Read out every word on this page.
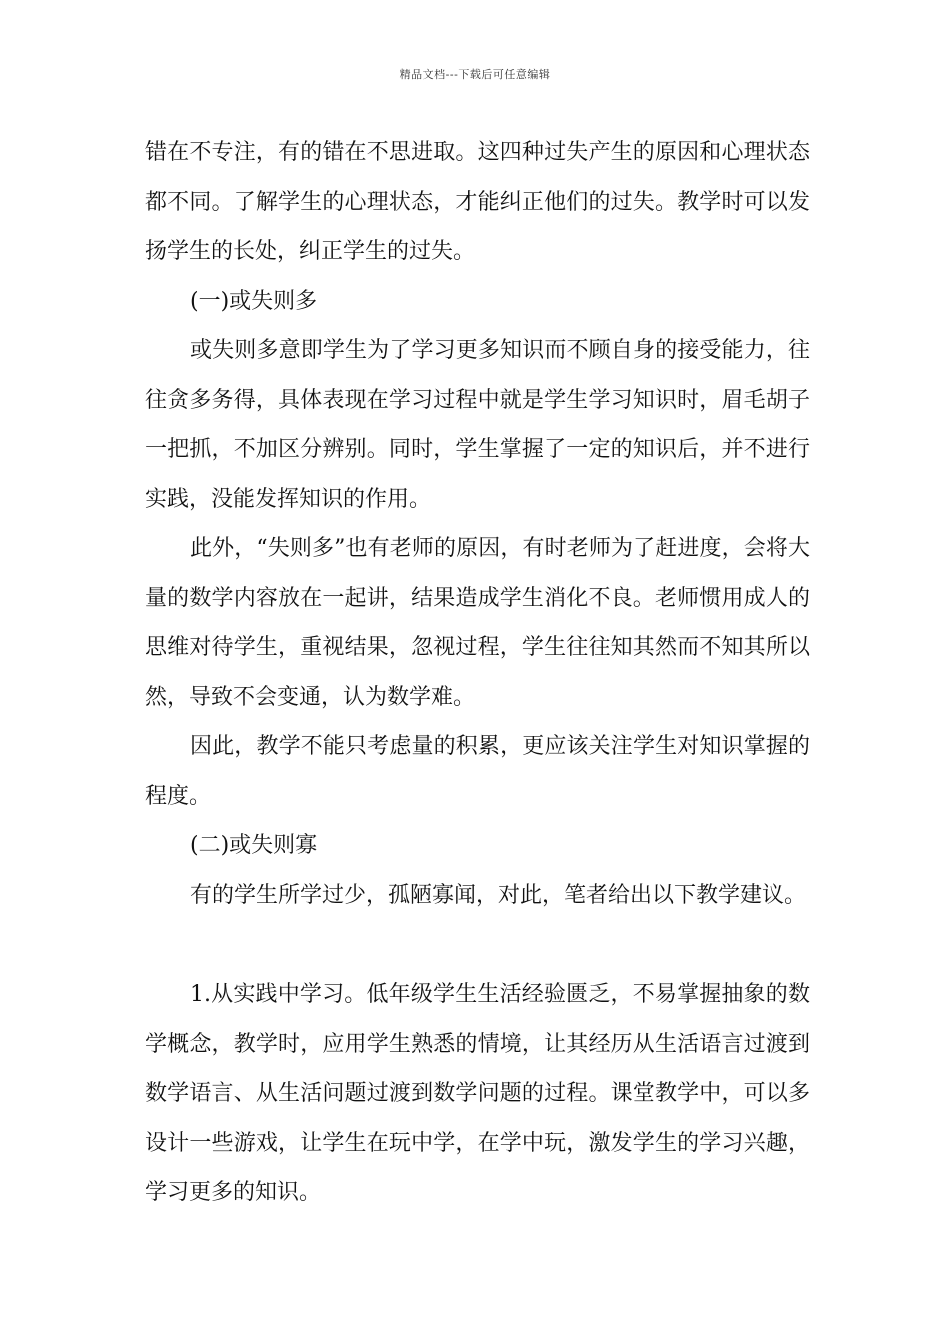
精品文档---下载后可任意编辑

错在不专注，有的错在不思进取。这四种过失产生的原因和心理状态都不同。了解学生的心理状态，才能纠正他们的过失。教学时可以发扬学生的长处，纠正学生的过失。

(一)或失则多

或失则多意即学生为了学习更多知识而不顾自身的接受能力，往往贪多务得，具体表现在学习过程中就是学生学习知识时，眉毛胡子一把抓，不加区分辨别。同时，学生掌握了一定的知识后，并不进行实践，没能发挥知识的作用。

此外，“失则多”也有老师的原因，有时老师为了赶进度，会将大量的数学内容放在一起讲，结果造成学生消化不良。老师惯用成人的思维对待学生，重视结果，忽视过程，学生往往知其然而不知其所以然，导致不会变通，认为数学难。

因此，教学不能只考虑量的积累，更应该关注学生对知识掌握的程度。

(二)或失则寡

有的学生所学过少，孤陋寡闻，对此，笔者给出以下教学建议。

1.从实践中学习。低年级学生生活经验匮乏，不易掌握抽象的数学概念，教学时，应用学生熟悉的情境，让其经历从生活语言过渡到数学语言、从生活问题过渡到数学问题的过程。课堂教学中，可以多设计一些游戏，让学生在玩中学，在学中玩，激发学生的学习兴趣，学习更多的知识。
